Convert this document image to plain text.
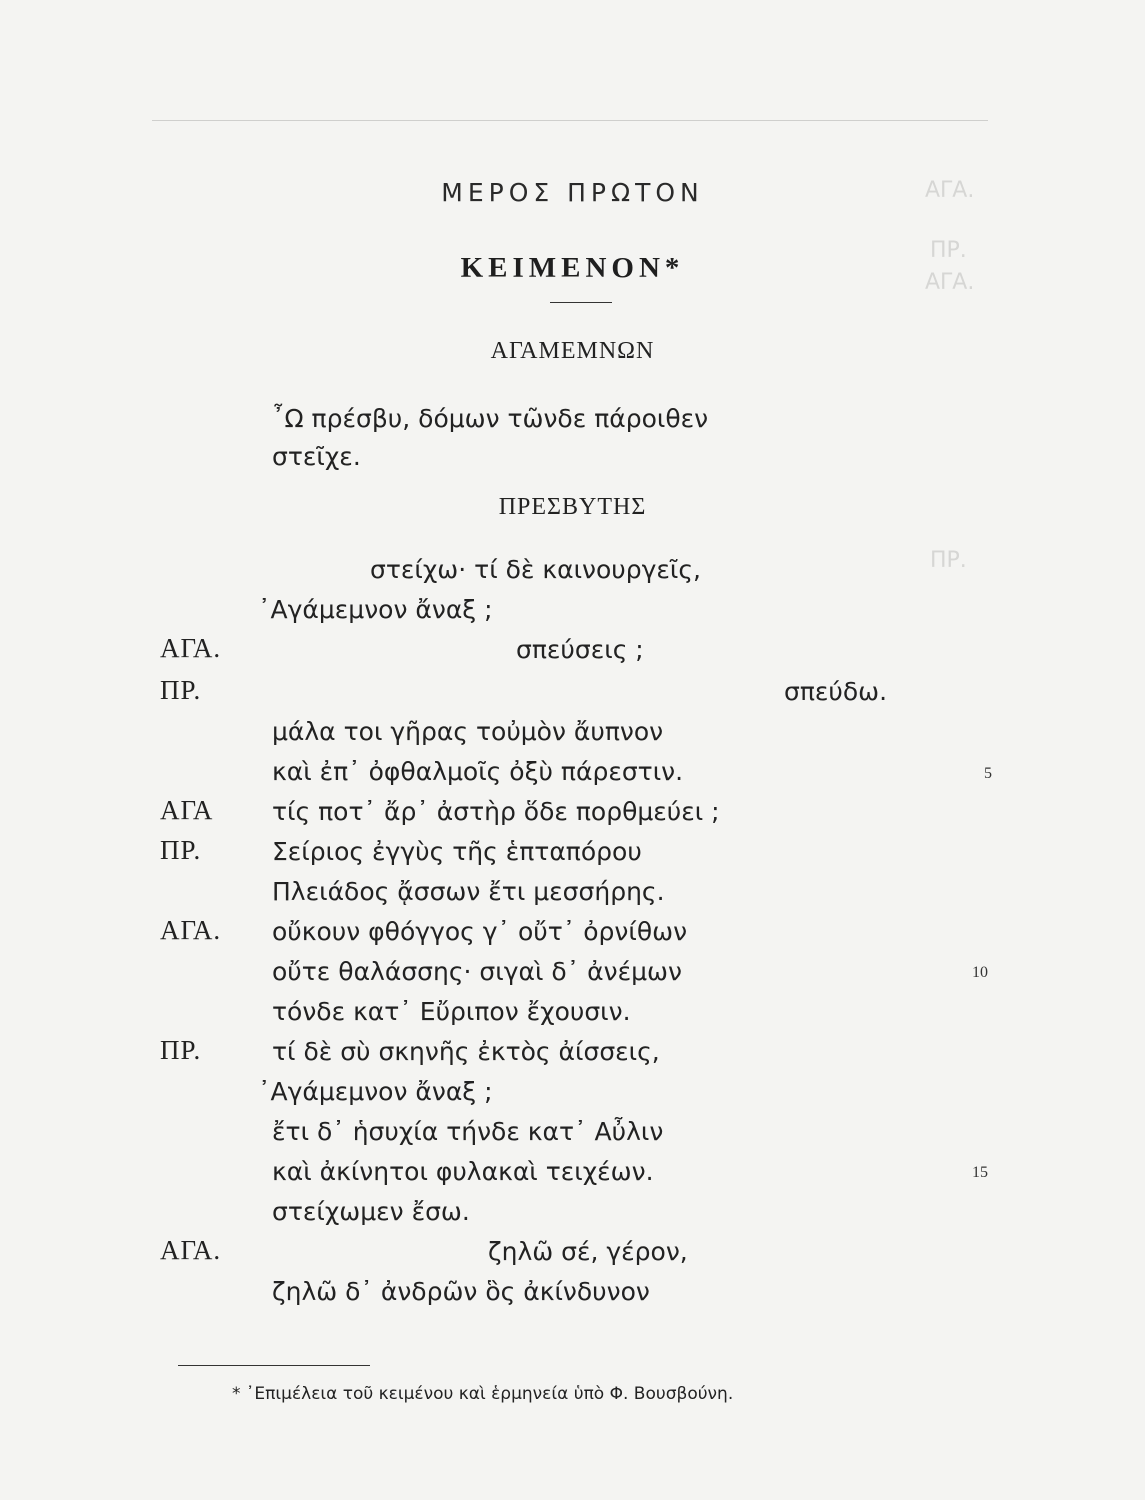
ΑΓΑ.
ΠΡ.
ΑΓΑ.
ΠΡ.
ΜΕΡΟΣ ΠΡΩΤΟΝ
ΚΕΙΜΕΝΟΝ*
ΑΓΑΜΕΜΝΩΝ
῏Ω πρέσβυ, δόμων τῶνδε πάροιθεν
στεῖχε.
ΠΡΕΣΒΥΤΗΣ
στείχω· τί δὲ καινουργεῖς,
᾿Αγάμεμνον ἄναξ ;
ΑΓΑ.	σπεύσεις ;
ΠΡ.	σπεύδω.
μάλα τοι γῆρας τοὐμὸν ἄυπνον
καὶ ἐπ᾿ ὀφθαλμοῖς ὀξὺ πάρεστιν.	5
ΑΓΑ τίς ποτ᾿ ἄρ᾿ ἀστὴρ ὅδε πορθμεύει ;
ΠΡ.	Σείριος ἐγγὺς τῆς ἑπταπόρου
Πλειάδος ᾄσσων ἔτι μεσσήρης.
ΑΓΑ. οὔκουν φθόγγος γ᾿ οὔτ᾿ ὀρνίθων
οὔτε θαλάσσης· σιγαὶ δ᾿ ἀνέμων	10
τόνδε κατ᾿ Εὔριπον ἔχουσιν.
ΠΡ.	τί δὲ σὺ σκηνῆς ἐκτὸς ἀίσσεις,
᾿Αγάμεμνον ἄναξ ;
ἔτι δ᾿ ἡσυχία τήνδε κατ᾿ Αὖλιν
καὶ ἀκίνητοι φυλακαὶ τειχέων.	15
στείχωμεν ἔσω.
ΑΓΑ.	ζηλῶ σέ, γέρον,
ζηλῶ δ᾿ ἀνδρῶν ὃς ἀκίνδυνον
* ᾿Επιμέλεια τοῦ κειμένου καὶ ἑρμηνεία ὑπὸ Φ. Βουσβούνη.
